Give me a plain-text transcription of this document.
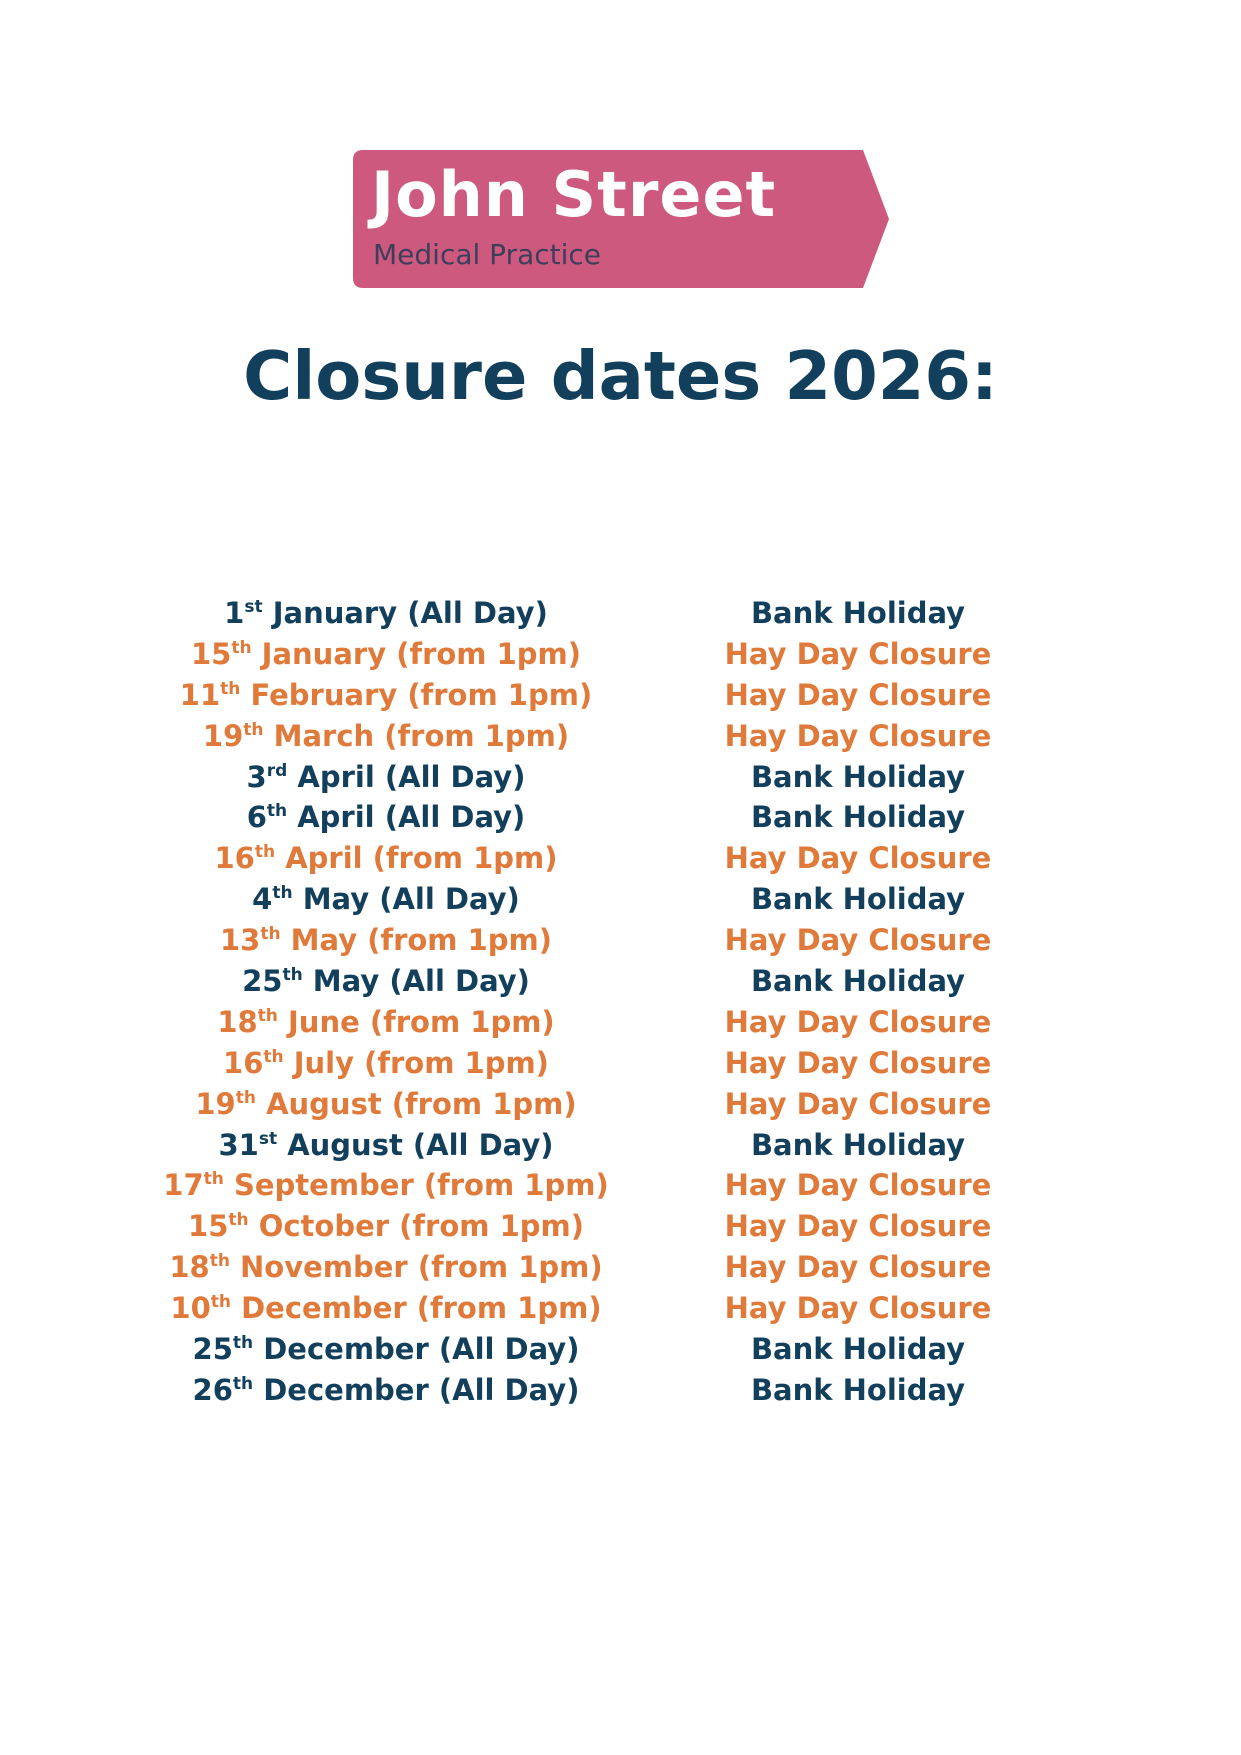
John Street
Medical Practice
Closure dates 2026:
1st January (All Day)	Bank Holiday
15th January (from 1pm)	Hay Day Closure
11th February (from 1pm)	Hay Day Closure
19th March (from 1pm)	Hay Day Closure
3rd April (All Day)	Bank Holiday
6th April (All Day)	Bank Holiday
16th April (from 1pm)	Hay Day Closure
4th May (All Day)	Bank Holiday
13th May (from 1pm)	Hay Day Closure
25th May (All Day)	Bank Holiday
18th June (from 1pm)	Hay Day Closure
16th July (from 1pm)	Hay Day Closure
19th August (from 1pm)	Hay Day Closure
31st August (All Day)	Bank Holiday
17th September (from 1pm)	Hay Day Closure
15th October (from 1pm)	Hay Day Closure
18th November (from 1pm)	Hay Day Closure
10th December (from 1pm)	Hay Day Closure
25th December (All Day)	Bank Holiday
26th December (All Day)	Bank Holiday
